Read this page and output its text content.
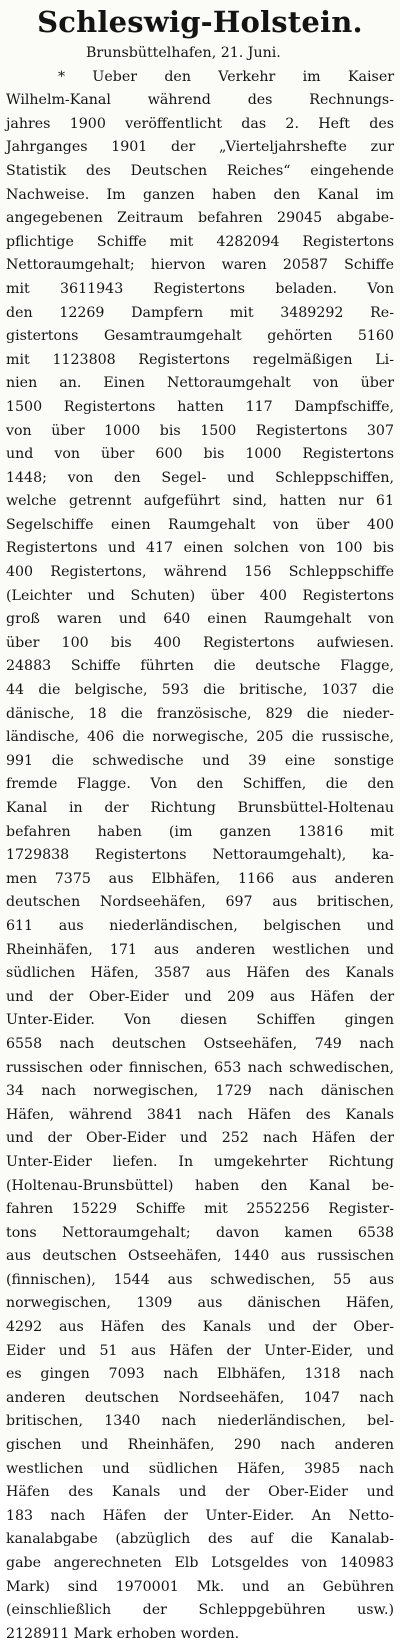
Schleswig-Holstein.
Brunsbüttelhafen, 21. Juni.
* Ueber den Verkehr im Kaiser
Wilhelm-Kanal während des Rechnungs-
jahres 1900 veröffentlicht das 2. Heft des
Jahrganges 1901 der „Vierteljahrshefte zur
Statistik des Deutschen Reiches“ eingehende
Nachweise. Im ganzen haben den Kanal im
angegebenen Zeitraum befahren 29045 abgabe-
pflichtige Schiffe mit 4282094 Registertons
Nettoraumgehalt; hiervon waren 20587 Schiffe
mit 3611943 Registertons beladen. Von
den 12269 Dampfern mit 3489292 Re-
gistertons Gesamtraumgehalt gehörten 5160
mit 1123808 Registertons regelmäßigen Li-
nien an. Einen Nettoraumgehalt von über
1500 Registertons hatten 117 Dampfschiffe,
von über 1000 bis 1500 Registertons 307
und von über 600 bis 1000 Registertons
1448; von den Segel- und Schleppschiffen,
welche getrennt aufgeführt sind, hatten nur 61
Segelschiffe einen Raumgehalt von über 400
Registertons und 417 einen solchen von 100 bis
400 Registertons, während 156 Schleppschiffe
(Leichter und Schuten) über 400 Registertons
groß waren und 640 einen Raumgehalt von
über 100 bis 400 Registertons aufwiesen.
24883 Schiffe führten die deutsche Flagge,
44 die belgische, 593 die britische, 1037 die
dänische, 18 die französische, 829 die nieder-
ländische, 406 die norwegische, 205 die russische,
991 die schwedische und 39 eine sonstige
fremde Flagge. Von den Schiffen, die den
Kanal in der Richtung Brunsbüttel-Holtenau
befahren haben (im ganzen 13816 mit
1729838 Registertons Nettoraumgehalt), ka-
men 7375 aus Elbhäfen, 1166 aus anderen
deutschen Nordseehäfen, 697 aus britischen,
611 aus niederländischen, belgischen und
Rheinhäfen, 171 aus anderen westlichen und
südlichen Häfen, 3587 aus Häfen des Kanals
und der Ober-Eider und 209 aus Häfen der
Unter-Eider. Von diesen Schiffen gingen
6558 nach deutschen Ostseehäfen, 749 nach
russischen oder finnischen, 653 nach schwedischen,
34 nach norwegischen, 1729 nach dänischen
Häfen, während 3841 nach Häfen des Kanals
und der Ober-Eider und 252 nach Häfen der
Unter-Eider liefen. In umgekehrter Richtung
(Holtenau-Brunsbüttel) haben den Kanal be-
fahren 15229 Schiffe mit 2552256 Register-
tons Nettoraumgehalt; davon kamen 6538
aus deutschen Ostseehäfen, 1440 aus russischen
(finnischen), 1544 aus schwedischen, 55 aus
norwegischen, 1309 aus dänischen Häfen,
4292 aus Häfen des Kanals und der Ober-
Eider und 51 aus Häfen der Unter-Eider, und
es gingen 7093 nach Elbhäfen, 1318 nach
anderen deutschen Nordseehäfen, 1047 nach
britischen, 1340 nach niederländischen, bel-
gischen und Rheinhäfen, 290 nach anderen
westlichen und südlichen Häfen, 3985 nach
Häfen des Kanals und der Ober-Eider und
183 nach Häfen der Unter-Eider. An Netto-
kanalabgabe (abzüglich des auf die Kanalab-
gabe angerechneten Elb Lotsgeldes von 140983
Mark) sind 1970001 Mk. und an Gebühren
(einschließlich der Schleppgebühren usw.)
2128911 Mark erhoben worden.
